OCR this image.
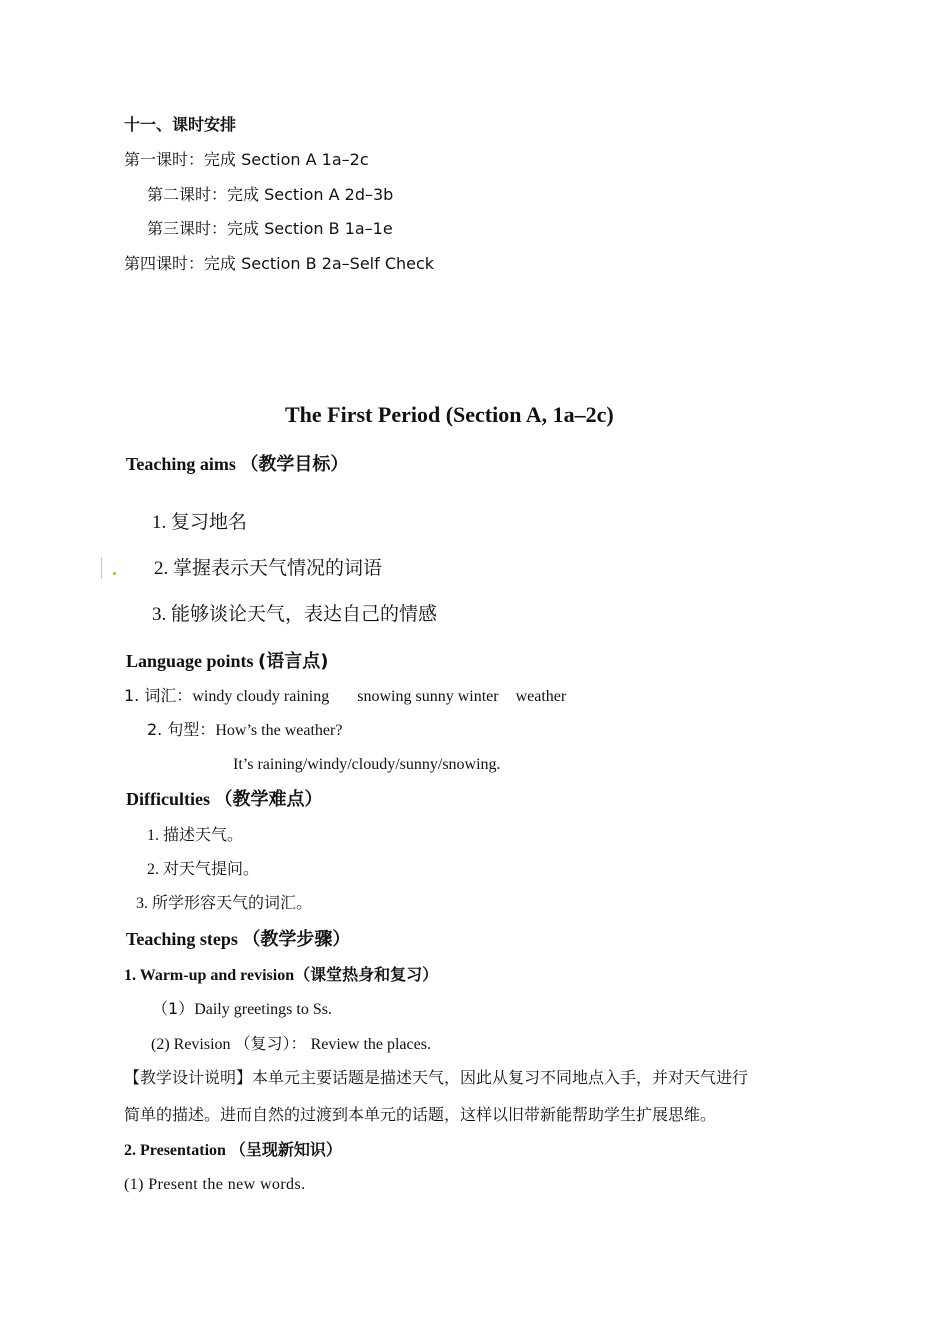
十一、课时安排
第一课时：完成 Section A 1a–2c
第二课时：完成 Section A 2d–3b
第三课时：完成 Section B 1a–1e
第四课时：完成 Section B 2a–Self Check
The First Period (Section A, 1a–2c)
Teaching aims （教学目标）
1. 复习地名
2. 掌握表示天气情况的词语
3. 能够谈论天气，表达自己的情感
Language points (语言点)
1. 词汇：windy cloudy raining snowing sunny winter weather
2. 句型：How’s the weather?
It’s raining/windy/cloudy/sunny/snowing.
Difficulties （教学难点）
1. 描述天气。
2. 对天气提问。
3. 所学形容天气的词汇。
Teaching steps （教学步骤）
1. Warm-up and revision（课堂热身和复习）
（1）Daily greetings to Ss.
(2) Revision （复习）： Review the places.
【教学设计说明】本单元主要话题是描述天气，因此从复习不同地点入手，并对天气进行
简单的描述。进而自然的过渡到本单元的话题，这样以旧带新能帮助学生扩展思维。
2. Presentation （呈现新知识）
(1) Present the new words.
